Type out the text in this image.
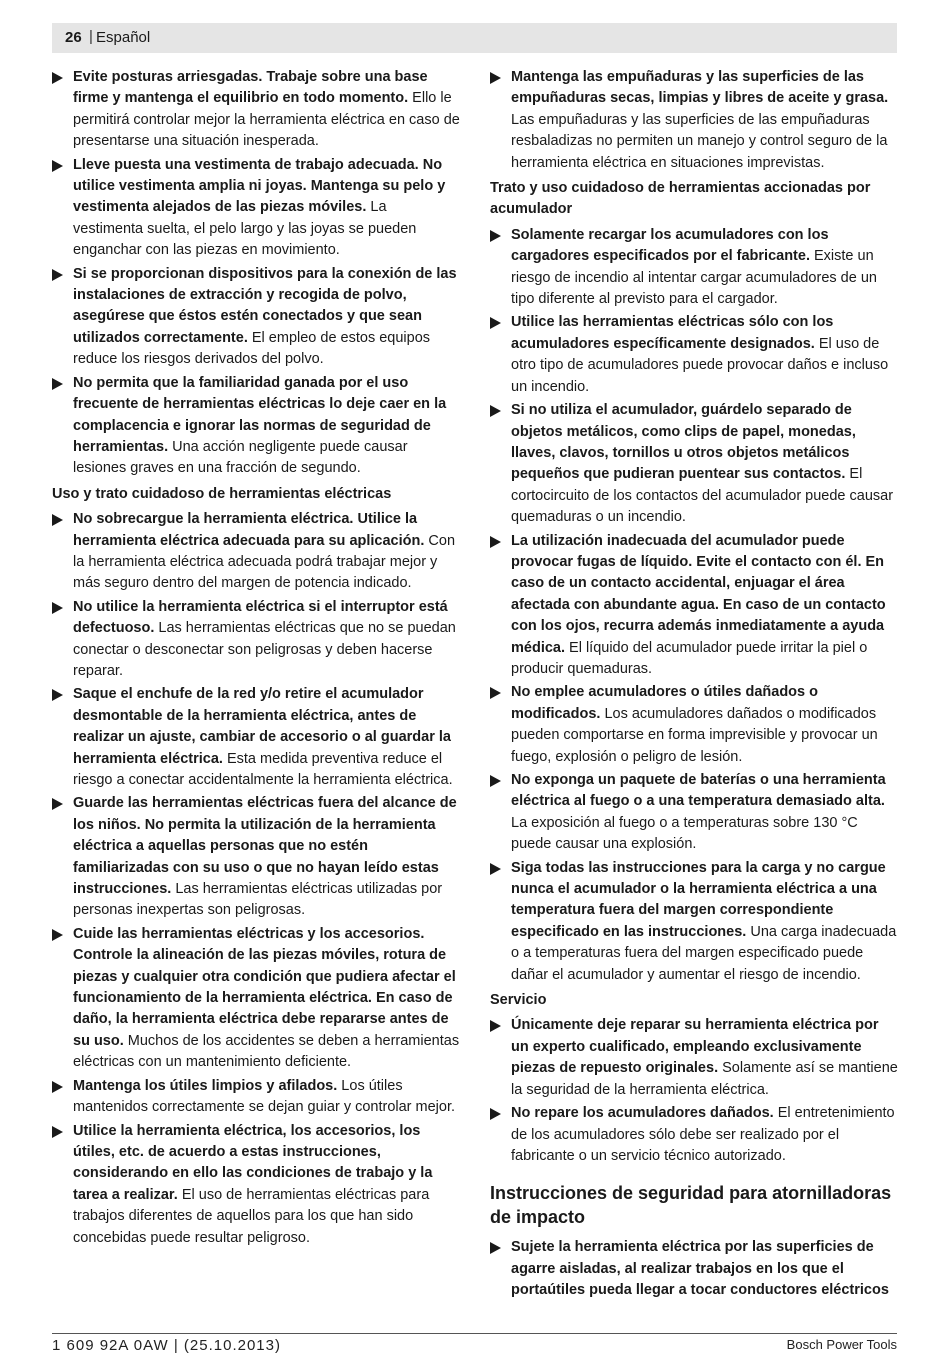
26 | Español
Evite posturas arriesgadas. Trabaje sobre una base firme y mantenga el equilibrio en todo momento. Ello le permitirá controlar mejor la herramienta eléctrica en caso de presentarse una situación inesperada.
Lleve puesta una vestimenta de trabajo adecuada. No utilice vestimenta amplia ni joyas. Mantenga su pelo y vestimenta alejados de las piezas móviles. La vestimenta suelta, el pelo largo y las joyas se pueden enganchar con las piezas en movimiento.
Si se proporcionan dispositivos para la conexión de las instalaciones de extracción y recogida de polvo, asegúrese que éstos estén conectados y que sean utilizados correctamente. El empleo de estos equipos reduce los riesgos derivados del polvo.
No permita que la familiaridad ganada por el uso frecuente de herramientas eléctricas lo deje caer en la complacencia e ignorar las normas de seguridad de herramientas. Una acción negligente puede causar lesiones graves en una fracción de segundo.
Uso y trato cuidadoso de herramientas eléctricas
No sobrecargue la herramienta eléctrica. Utilice la herramienta eléctrica adecuada para su aplicación. Con la herramienta eléctrica adecuada podrá trabajar mejor y más seguro dentro del margen de potencia indicado.
No utilice la herramienta eléctrica si el interruptor está defectuoso. Las herramientas eléctricas que no se puedan conectar o desconectar son peligrosas y deben hacerse reparar.
Saque el enchufe de la red y/o retire el acumulador desmontable de la herramienta eléctrica, antes de realizar un ajuste, cambiar de accesorio o al guardar la herramienta eléctrica. Esta medida preventiva reduce el riesgo a conectar accidentalmente la herramienta eléctrica.
Guarde las herramientas eléctricas fuera del alcance de los niños. No permita la utilización de la herramienta eléctrica a aquellas personas que no estén familiarizadas con su uso o que no hayan leído estas instrucciones. Las herramientas eléctricas utilizadas por personas inexpertas son peligrosas.
Cuide las herramientas eléctricas y los accesorios. Controle la alineación de las piezas móviles, rotura de piezas y cualquier otra condición que pudiera afectar el funcionamiento de la herramienta eléctrica. En caso de daño, la herramienta eléctrica debe repararse antes de su uso. Muchos de los accidentes se deben a herramientas eléctricas con un mantenimiento deficiente.
Mantenga los útiles limpios y afilados. Los útiles mantenidos correctamente se dejan guiar y controlar mejor.
Utilice la herramienta eléctrica, los accesorios, los útiles, etc. de acuerdo a estas instrucciones, considerando en ello las condiciones de trabajo y la tarea a realizar. El uso de herramientas eléctricas para trabajos diferentes de aquellos para los que han sido concebidas puede resultar peligroso.
Mantenga las empuñaduras y las superficies de las empuñaduras secas, limpias y libres de aceite y grasa. Las empuñaduras y las superficies de las empuñaduras resbaladizas no permiten un manejo y control seguro de la herramienta eléctrica en situaciones imprevistas.
Trato y uso cuidadoso de herramientas accionadas por acumulador
Solamente recargar los acumuladores con los cargadores especificados por el fabricante. Existe un riesgo de incendio al intentar cargar acumuladores de un tipo diferente al previsto para el cargador.
Utilice las herramientas eléctricas sólo con los acumuladores específicamente designados. El uso de otro tipo de acumuladores puede provocar daños e incluso un incendio.
Si no utiliza el acumulador, guárdelo separado de objetos metálicos, como clips de papel, monedas, llaves, clavos, tornillos u otros objetos metálicos pequeños que pudieran puentear sus contactos. El cortocircuito de los contactos del acumulador puede causar quemaduras o un incendio.
La utilización inadecuada del acumulador puede provocar fugas de líquido. Evite el contacto con él. En caso de un contacto accidental, enjuagar el área afectada con abundante agua. En caso de un contacto con los ojos, recurra además inmediatamente a ayuda médica. El líquido del acumulador puede irritar la piel o producir quemaduras.
No emplee acumuladores o útiles dañados o modificados. Los acumuladores dañados o modificados pueden comportarse en forma imprevisible y provocar un fuego, explosión o peligro de lesión.
No exponga un paquete de baterías o una herramienta eléctrica al fuego o a una temperatura demasiado alta. La exposición al fuego o a temperaturas sobre 130 °C puede causar una explosión.
Siga todas las instrucciones para la carga y no cargue nunca el acumulador o la herramienta eléctrica a una temperatura fuera del margen correspondiente especificado en las instrucciones. Una carga inadecuada o a temperaturas fuera del margen especificado puede dañar el acumulador y aumentar el riesgo de incendio.
Servicio
Únicamente deje reparar su herramienta eléctrica por un experto cualificado, empleando exclusivamente piezas de repuesto originales. Solamente así se mantiene la seguridad de la herramienta eléctrica.
No repare los acumuladores dañados. El entretenimiento de los acumuladores sólo debe ser realizado por el fabricante o un servicio técnico autorizado.
Instrucciones de seguridad para atornilladoras de impacto
Sujete la herramienta eléctrica por las superficies de agarre aisladas, al realizar trabajos en los que el portaútiles pueda llegar a tocar conductores eléctricos
1 609 92A 0AW | (25.10.2013)	Bosch Power Tools
